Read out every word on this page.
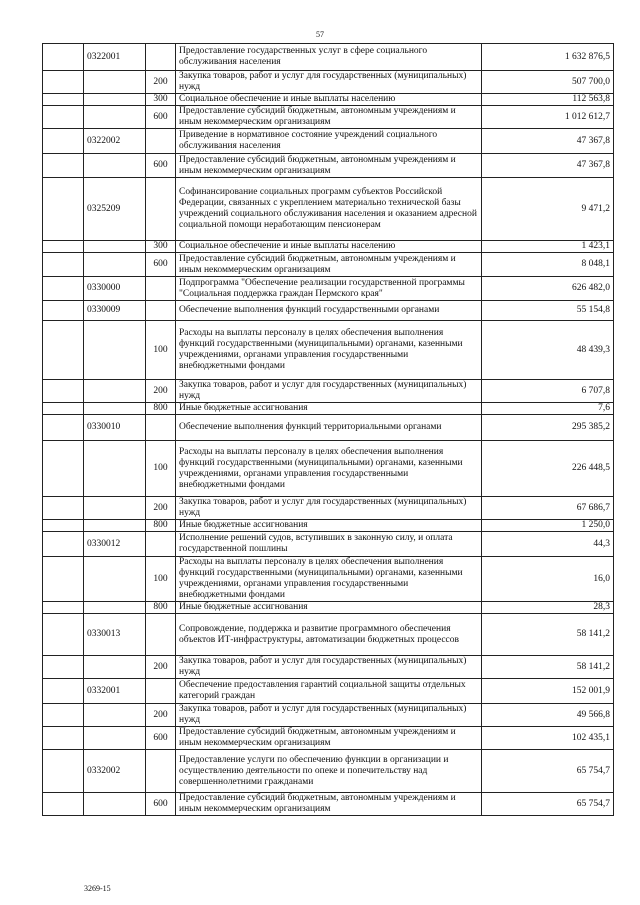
57
	0322001		Предоставление государственных услуг в сфере социального обслуживания населения	1 632 876,5
		200	Закупка товаров, работ и услуг для государственных (муниципальных) нужд	507 700,0
		300	Социальное обеспечение и иные выплаты населению	112 563,8
		600	Предоставление субсидий бюджетным, автономным учреждениям и иным некоммерческим организациям	1 012 612,7
	0322002		Приведение в нормативное состояние учреждений социального обслуживания населения	47 367,8
		600	Предоставление субсидий бюджетным, автономным учреждениям и иным некоммерческим организациям	47 367,8
	0325209		Софинансирование социальных программ субъектов Российской Федерации, связанных с укреплением материально технической базы учреждений социального обслуживания населения и оказанием адресной социальной помощи неработающим пенсионерам	9 471,2
		300	Социальное обеспечение и иные выплаты населению	1 423,1
		600	Предоставление субсидий бюджетным, автономным учреждениям и иным некоммерческим организациям	8 048,1
	0330000		Подпрограмма "Обеспечение реализации государственной программы "Социальная поддержка граждан Пермского края"	626 482,0
	0330009		Обеспечение выполнения функций государственными органами	55 154,8
		100	Расходы на выплаты персоналу в целях обеспечения выполнения функций государственными (муниципальными) органами, казенными учреждениями, органами управления государственными внебюджетными фондами	48 439,3
		200	Закупка товаров, работ и услуг для государственных (муниципальных) нужд	6 707,8
		800	Иные бюджетные ассигнования	7,6
	0330010		Обеспечение выполнения функций территориальными органами	295 385,2
		100	Расходы на выплаты персоналу в целях обеспечения выполнения функций государственными (муниципальными) органами, казенными учреждениями, органами управления государственными внебюджетными фондами	226 448,5
		200	Закупка товаров, работ и услуг для государственных (муниципальных) нужд	67 686,7
		800	Иные бюджетные ассигнования	1 250,0
	0330012		Исполнение решений судов, вступивших в законную силу, и оплата государственной пошлины	44,3
		100	Расходы на выплаты персоналу в целях обеспечения выполнения функций государственными (муниципальными) органами, казенными учреждениями, органами управления государственными внебюджетными фондами	16,0
		800	Иные бюджетные ассигнования	28,3
	0330013		Сопровождение, поддержка и развитие программного обеспечения объектов ИТ-инфраструктуры, автоматизации бюджетных процессов	58 141,2
		200	Закупка товаров, работ и услуг для государственных (муниципальных) нужд	58 141,2
	0332001		Обеспечение предоставления гарантий социальной защиты отдельных категорий граждан	152 001,9
		200	Закупка товаров, работ и услуг для государственных (муниципальных) нужд	49 566,8
		600	Предоставление субсидий бюджетным, автономным учреждениям и иным некоммерческим организациям	102 435,1
	0332002		Предоставление услуги по обеспечению функции в организации и осуществлению деятельности по опеке и попечительству над совершеннолетними гражданами	65 754,7
		600	Предоставление субсидий бюджетным, автономным учреждениям и иным некоммерческим организациям	65 754,7
3269-15
